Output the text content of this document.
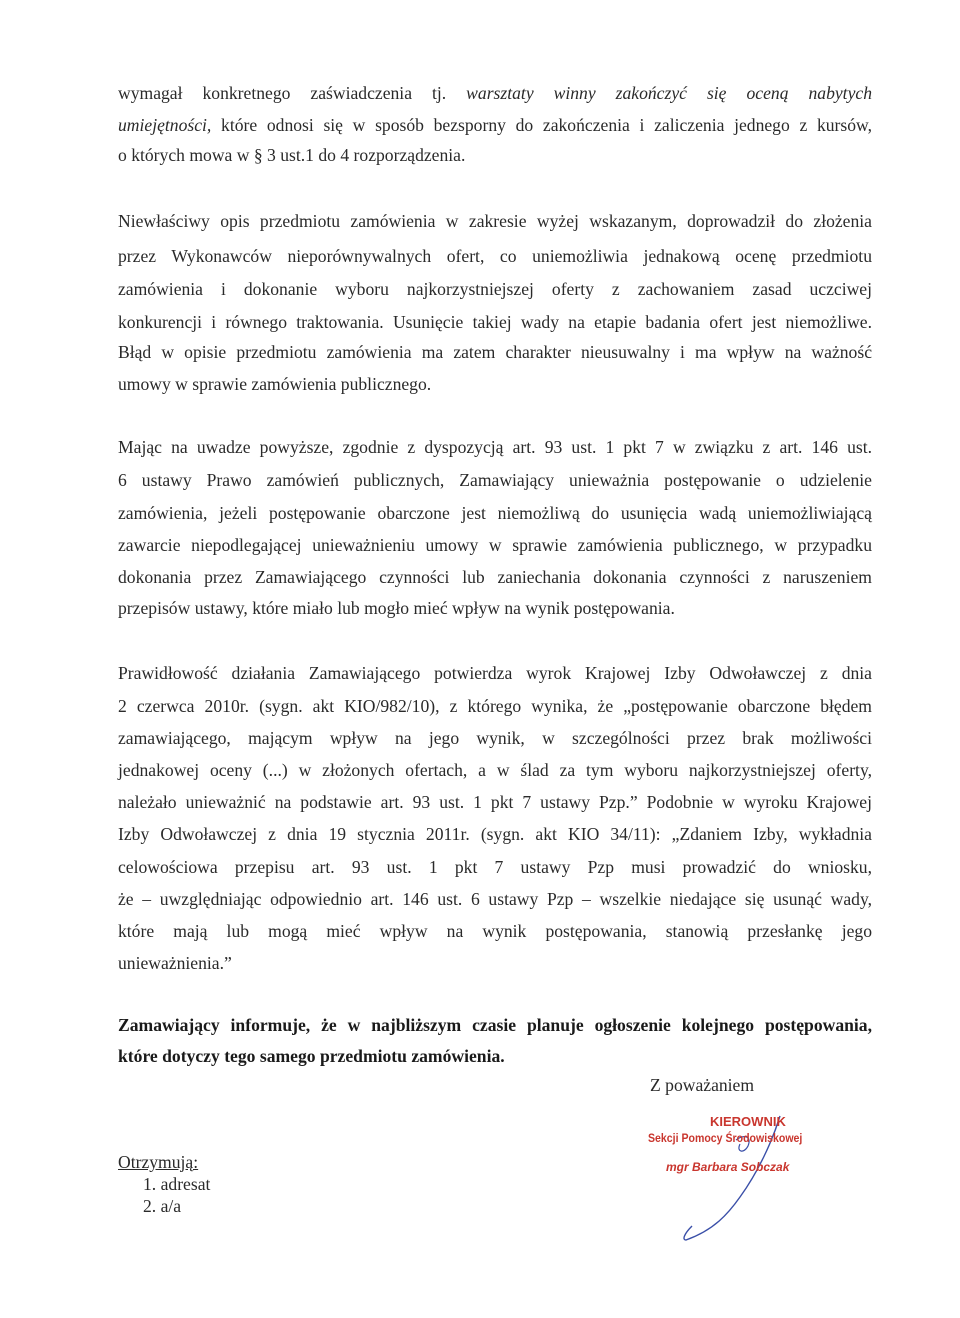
wymagał konkretnego zaświadczenia tj. warsztaty winny zakończyć się oceną nabytych
umiejętności, które odnosi się w sposób bezsporny do zakończenia i zaliczenia jednego z kursów,
o których mowa w § 3 ust.1 do 4 rozporządzenia.
Niewłaściwy opis przedmiotu zamówienia w zakresie wyżej wskazanym, doprowadził do złożenia
przez Wykonawców nieporównywalnych ofert, co uniemożliwia jednakową ocenę przedmiotu
zamówienia i dokonanie wyboru najkorzystniejszej oferty z zachowaniem zasad uczciwej
konkurencji i równego traktowania. Usunięcie takiej wady na etapie badania ofert jest niemożliwe.
Błąd w opisie przedmiotu zamówienia ma zatem charakter nieusuwalny i ma wpływ na ważność
umowy w sprawie zamówienia publicznego.
Mając na uwadze powyższe, zgodnie z dyspozycją art. 93 ust. 1 pkt 7 w związku z art. 146 ust.
6 ustawy Prawo zamówień publicznych, Zamawiający unieważnia postępowanie o udzielenie
zamówienia, jeżeli postępowanie obarczone jest niemożliwą do usunięcia wadą uniemożliwiającą
zawarcie niepodlegającej unieważnieniu umowy w sprawie zamówienia publicznego, w przypadku
dokonania przez Zamawiającego czynności lub zaniechania dokonania czynności z naruszeniem
przepisów ustawy, które miało lub mogło mieć wpływ na wynik postępowania.
Prawidłowość działania Zamawiającego potwierdza wyrok Krajowej Izby Odwoławczej z dnia
2 czerwca 2010r. (sygn. akt KIO/982/10), z którego wynika, że „postępowanie obarczone błędem
zamawiającego, mającym wpływ na jego wynik, w szczególności przez brak możliwości
jednakowej oceny (...) w złożonych ofertach, a w ślad za tym wyboru najkorzystniejszej oferty,
należało unieważnić na podstawie art. 93 ust. 1 pkt 7 ustawy Pzp.” Podobnie w wyroku Krajowej
Izby Odwoławczej z dnia 19 stycznia 2011r. (sygn. akt KIO 34/11): „Zdaniem Izby, wykładnia
celowościowa przepisu art. 93 ust. 1 pkt 7 ustawy Pzp musi prowadzić do wniosku,
że – uwzględniając odpowiednio art. 146 ust. 6 ustawy Pzp – wszelkie niedające się usunąć wady,
które mają lub mogą mieć wpływ na wynik postępowania, stanowią przesłankę jego
unieważnienia.”
Zamawiający informuje, że w najbliższym czasie planuje ogłoszenie kolejnego postępowania,
które dotyczy tego samego przedmiotu zamówienia.
Z poważaniem
KIEROWNIK
Sekcji Pomocy Środowiskowej
mgr Barbara Sobczak
Otrzymują:
1. adresat
2. a/a
